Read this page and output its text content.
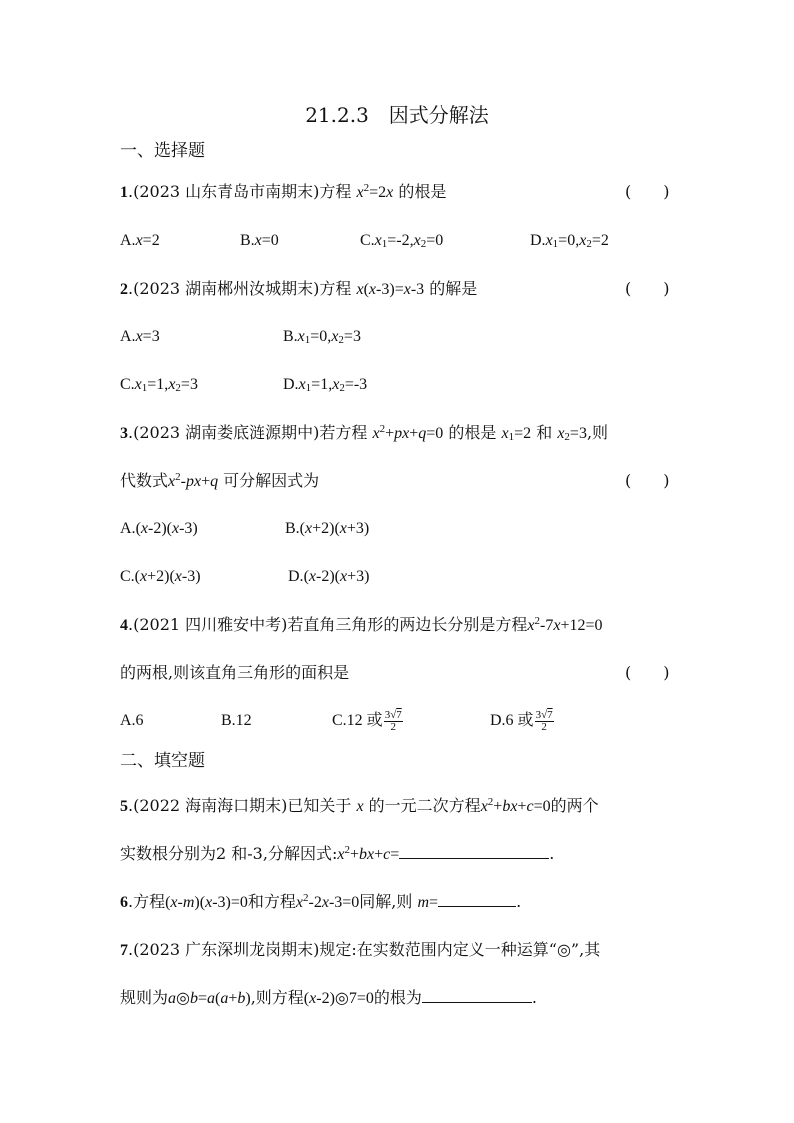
21.2.3　因式分解法
一、选择题
1.(2023 山东青岛市南期末)方程 $x^2=2x$ 的根是	(　　)
A.x=2	B.x=0	$C.x_1=-2,x_2=0$	$D.x_1=0,x_2=2$
2.(2023 湖南郴州汝城期末)方程 x(x-3)=x-3 的解是	(　　)
A.x=3	$B.x_1=0,x_2=3$
$C.x_1=1,x_2=3$	$D.x_1=1,x_2=-3$
3.(2023 湖南娄底涟源期中)若方程 $x^2+px+q=0$ 的根是 $x_1=2$ 和 $x_2=3$,则
代数式$x^2-px+q$ 可分解因式为	(　　)
A.(x-2)(x-3)	B.(x+2)(x+3)
C.(x+2)(x-3)	D.(x-2)(x+3)
4.(2021 四川雅安中考)若直角三角形的两边长分别是方程$x^2-7x+12=0$
的两根,则该直角三角形的面积是	(　　)
A.6	B.12	C.12 或 $\frac{3√7}{2}$	D.6 或 $\frac{3√7}{2}$
二、填空题
5.(2022 海南海口期末)已知关于 x 的一元二次方程$x^2+bx+c=0$的两个
实数根分别为2 和-3,分解因式$:x^2+bx+c=$	.
6.方程(x-m)(x-3)=0和方程$x^2-2x-3=0$同解,则 m=	.
7.(2023 广东深圳龙岗期末)规定:在实数范围内定义一种运算“◎”,其
规则为a◎b=a(a+b),则方程(x-2)◎7=0的根为	.
